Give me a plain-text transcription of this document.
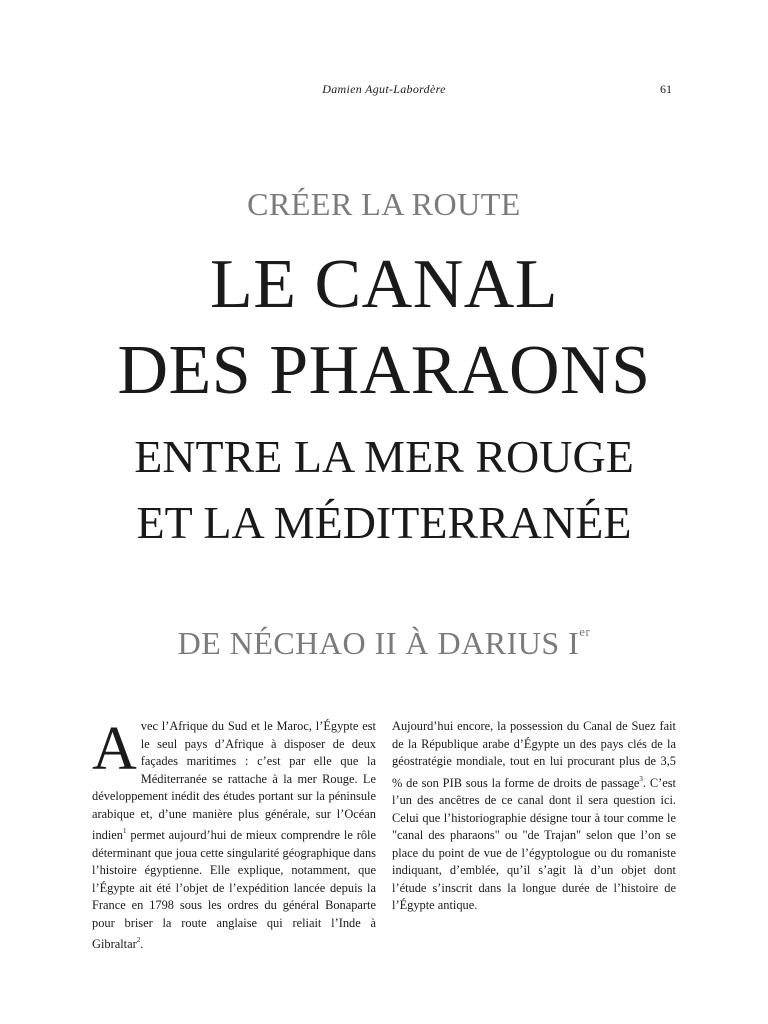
Damien Agut-Labordère	61

CRÉER LA ROUTE

LE CANAL
DES PHARAONS
ENTRE LA MER ROUGE
ET LA MÉDITERRANÉE

DE NÉCHAO II À DARIUS Ier

Avec l’Afrique du Sud et le Maroc, l’Égypte est le seul pays d’Afrique à disposer de deux façades maritimes : c’est par elle que la Méditerranée se rattache à la mer Rouge. Le développement inédit des études portant sur la péninsule arabique et, d’une manière plus générale, sur l’Océan indien$^1$ permet aujourd’hui de mieux comprendre le rôle déterminant que joua cette singularité géographique dans l’histoire égyptienne. Elle explique, notamment, que l’Égypte ait été l’objet de l’expédition lancée depuis la France en 1798 sous les ordres du général Bonaparte pour briser la route anglaise qui reliait l’Inde à Gibraltar$^2$.
Aujourd’hui encore, la possession du Canal de Suez fait de la République arabe d’Égypte un des pays clés de la géostratégie mondiale, tout en lui procurant plus de 3,5 % de son PIB sous la forme de droits de passage$^3$. C’est l’un des ancêtres de ce canal dont il sera question ici. Celui que l’historiographie désigne tour à tour comme le "canal des pharaons" ou "de Trajan" selon que l’on se place du point de vue de l’égyptologue ou du romaniste indiquant, d’emblée, qu’il s’agit là d’un objet dont l’étude s’inscrit dans la longue durée de l’histoire de l’Égypte antique.
